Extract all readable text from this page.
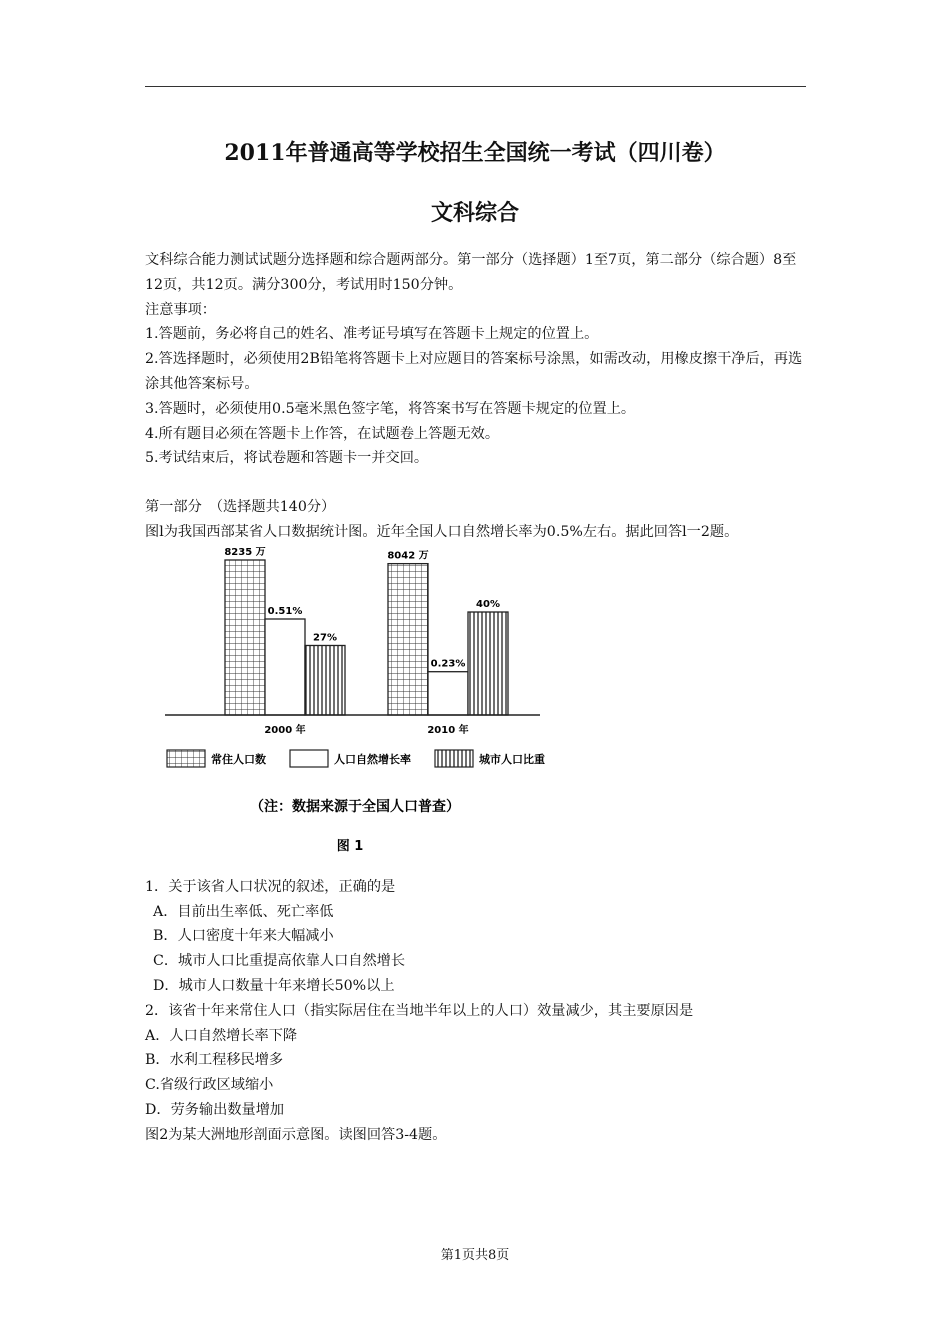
2011年普通高等学校招生全国统一考试（四川卷）
文科综合

文科综合能力测试试题分选择题和综合题两部分。第一部分（选择题）1至7页，第二部分（综合题）8至12页，共12页。满分300分，考试用时150分钟。

注意事项：

1.答题前，务必将自己的姓名、准考证号填写在答题卡上规定的位置上。

2.答选择题时，必须使用2B铅笔将答题卡上对应题目的答案标号涂黑，如需改动，用橡皮擦干净后，再选涂其他答案标号。

3.答题时，必须使用0.5毫米黑色签字笔，将答案书写在答题卡规定的位置上。

4.所有题目必须在答题卡上作答，在试题卷上答题无效。

5.考试结束后，将试卷题和答题卡一并交回。

第一部分　（选择题共140分）

图l为我国西部某省人口数据统计图。近年全国人口自然增长率为0.5%左右。据此回答l一2题。

8235 万
0.51%
27%
8042 万
0.23%
40%
2000 年	2010 年
常住人口数	人口自然增长率	城市人口比重
（注：数据来源于全国人口普查）
图 1

1．关于该省人口状况的叙述，正确的是

A．目前出生率低、死亡率低

B．人口密度十年来大幅减小

C．城市人口比重提高依靠人口自然增长

D．城市人口数量十年来增长50%以上

2．该省十年来常住人口（指实际居住在当地半年以上的人口）效量减少，其主要原因是

A．人口自然增长率下降

B．水利工程移民增多

C.省级行政区域缩小

D．劳务输出数量增加

图2为某大洲地形剖面示意图。读图回答3-4题。

第1页共8页
